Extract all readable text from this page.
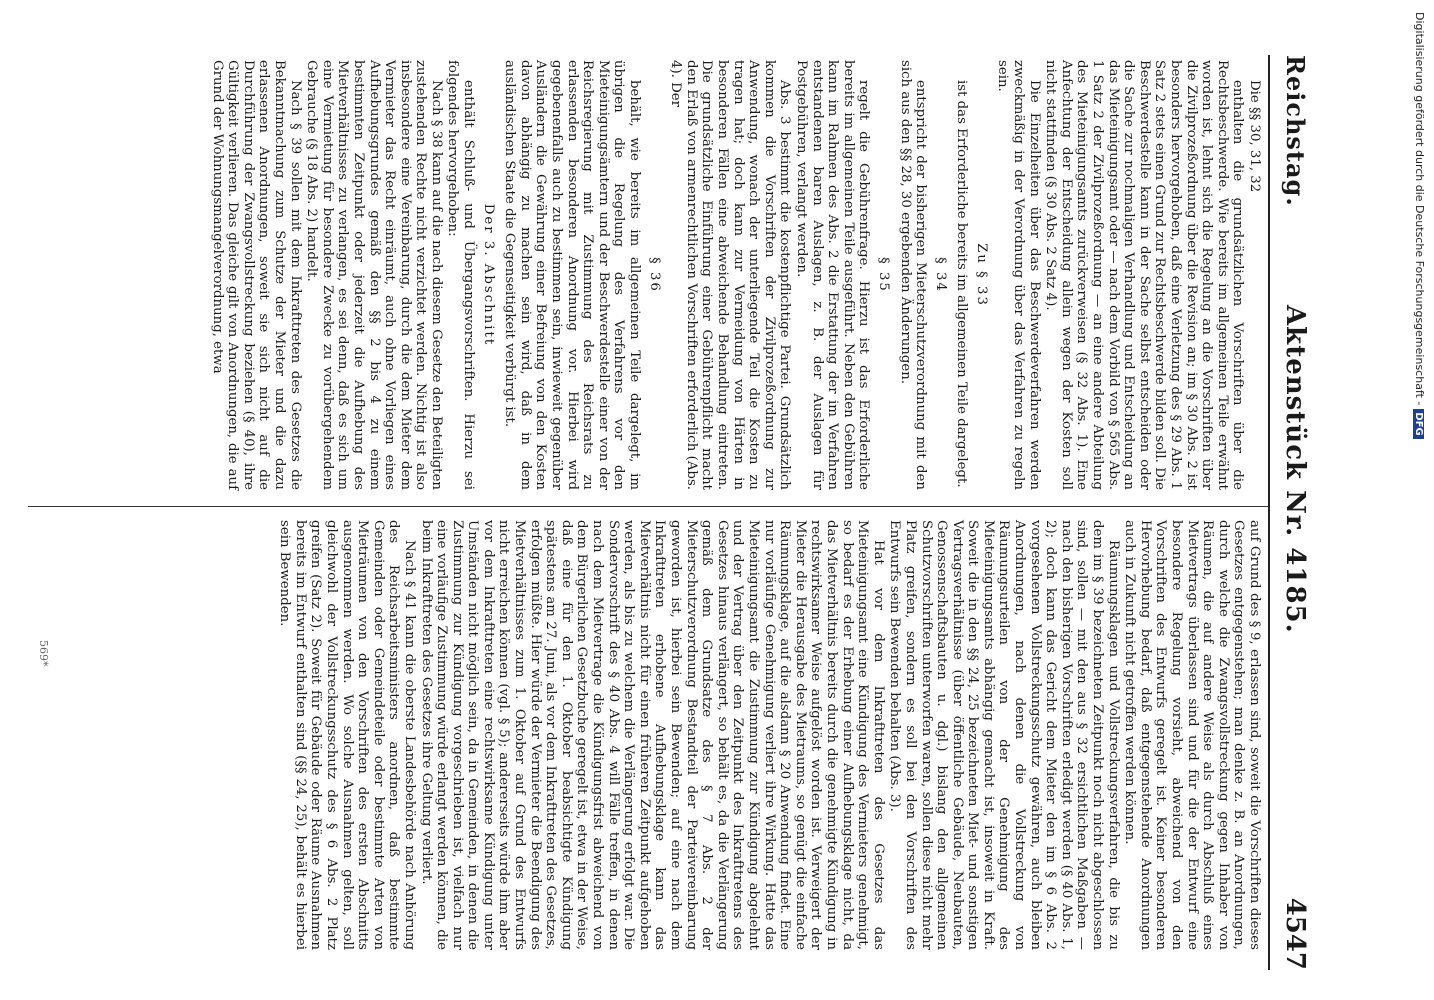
Reichstag.
Aktenstück Nr. 4185.
4547

Die §§ 30, 31, 32

enthalten die grundsätzlichen Vorschriften über die Rechtsbeschwerde. Wie bereits im allgemeinen Teile erwähnt worden ist, lehnt sich die Regelung an die Vorschriften über die Zivilprozeßordnung über die Revision an; im § 30 Abs. 2 ist besonders hervorgehoben, daß eine Verletzung des § 29 Abs. 1 Satz 2 stets einen Grund zur Rechtsbeschwerde bilden soll. Die Beschwerdestelle kann in der Sache selbst entscheiden oder die Sache zur nochmaligen Verhandlung und Entscheidung an das Mieteinigungsamt oder — nach dem Vorbild von § 565 Abs. 1 Satz 2 der Zivilprozeßordnung — an eine andere Abteilung des Mieteinigungsamts zurückverweisen (§ 32 Abs. 1). Eine Anfechtung der Entscheidung allein wegen der Kosten soll nicht stattfinden (§ 30 Abs. 2 Satz 4).

Die Einzelheiten über das Beschwerdeverfahren werden zweckmäßig in der Verordnung über das Verfahren zu regeln sein.

Zu § 33

ist das Erforderliche bereits im allgemeinen Teile dargelegt.

§ 34

entspricht der bisherigen Mieterschutzverordnung mit den sich aus den §§ 28, 30 ergebenden Änderungen.

§ 35

regelt die Gebührenfrage. Hierzu ist das Erforderliche bereits im allgemeinen Teile ausgeführt. Neben den Gebühren kann im Rahmen des Abs. 2 die Erstattung der im Verfahren entstandenen baren Auslagen, z. B. der Auslagen für Postgebühren, verlangt werden.

Abs. 3 bestimmt die kostenpflichtige Partei. Grundsätzlich kommen die Vorschriften der Zivilprozeßordnung zur Anwendung, wonach der unterliegende Teil die Kosten zu tragen hat; doch kann zur Vermeidung von Härten in besonderen Fällen eine abweichende Behandlung eintreten. Die grundsätzliche Einführung einer Gebührenpflicht macht den Erlaß von armenrechtlichen Vorschriften erforderlich (Abs. 4). Der

§ 36

behält, wie bereits im allgemeinen Teile dargelegt, im übrigen die Regelung des Verfahrens vor den Mieteinigungsämtern und der Beschwerdestelle einer von der Reichsregierung mit Zustimmung des Reichsrats zu erlassenden besonderen Anordnung vor. Hierbei wird gegebenenfalls auch zu bestimmen sein, inwieweit gegenüber Ausländern die Gewährung einer Befreiung von den Kosten davon abhängig zu machen sein wird, daß in dem ausländischen Staate die Gegenseitigkeit verbürgt ist.

Der 3. Abschnitt

enthält Schluß- und Übergangsvorschriften. Hierzu sei folgendes hervorgehoben:

Nach § 38 kann auf die nach diesem Gesetze den Beteiligten zustehenden Rechte nicht verzichtet werden. Nichtig ist also insbesondere eine Vereinbarung, durch die dem Mieter dem Vermieter das Recht einräumt, auch ohne Vorliegen eines Aufhebungsgrundes gemäß den §§ 2 bis 4 zu einem bestimmten Zeitpunkt oder jederzeit die Aufhebung des Mietverhältnisses zu verlangen, es sei denn, daß es sich um eine Vermietung für besondere Zwecke zu vorübergehendem Gebrauche (§ 18 Abs. 2) handelt.

Nach § 39 sollen mit dem Inkrafttreten des Gesetzes die Bekanntmachung zum Schutze der Mieter und die dazu erlassenen Anordnungen, soweit sie sich nicht auf die Durchführung der Zwangsvollstreckung beziehen (§ 40), ihre Gültigkeit verlieren. Das gleiche gilt von Anordnungen, die auf Grund der Wohnungsmangelverordnung, etwa

auf Grund des § 9, erlassen sind, soweit die Vorschriften dieses Gesetzes entgegenstehen; man denke z. B. an Anordnungen, durch welche die Zwangsvollstreckung gegen Inhaber von Räumen, die auf andere Weise als durch Abschluß eines Mietvertrags überlassen sind und für die der Entwurf eine besondere Regelung vorsieht, abweichend von den Vorschriften des Entwurfs geregelt ist. Keiner besonderen Hervorhebung bedarf, daß entgegenstehende Anordnungen auch in Zukunft nicht getroffen werden können.

Räumungsklagen und Vollstreckungsverfahren, die bis zu dem im § 39 bezeichneten Zeitpunkt noch nicht abgeschlossen sind, sollen — mit den aus § 32 ersichtlichen Maßgaben — nach den bisherigen Vorschriften erledigt werden (§ 40 Abs. 1, 2); doch kann das Gericht dem Mieter den im § 6 Abs. 2 vorgesehenen Vollstreckungsschutz gewähren, auch bleiben Anordnungen, nach denen die Vollstreckung von Räumungsurteilen von der Genehmigung des Mieteinigungsamts abhängig gemacht ist, insoweit in Kraft. Soweit die in den §§ 24, 25 bezeichneten Miet- und sonstigen Vertragsverhältnisse (über öffentliche Gebäude, Neubauten, Genossenschaftsbauten u. dgl.) bislang den allgemeinen Schutzvorschriften unterworfen waren, sollen diese nicht mehr Platz greifen, sondern es soll bei den Vorschriften des Entwurfs sein Bewenden behalten (Abs. 3).

Hat vor dem Inkrafttreten des Gesetzes das Mieteinigungsamt eine Kündigung des Vermieters genehmigt, so bedarf es der Erhebung einer Aufhebungsklage nicht, da das Mietverhältnis bereits durch die genehmigte Kündigung in rechtswirksamer Weise aufgelöst worden ist. Verweigert der Mieter die Herausgabe des Mietraums, so genügt die einfache Räumungsklage, auf die alsdann § 20 Anwendung findet. Eine nur vorläufige Genehmigung verliert ihre Wirkung. Hatte das Mieteinigungsamt die Zustimmung zur Kündigung abgelehnt und der Vertrag über den Zeitpunkt des Inkrafttretens des Gesetzes hinaus verlängert, so behält es, da die Verlängerung gemäß dem Grundsatze des § 7 Abs. 2 der Mieterschutzverordnung Bestandteil der Parteivereinbarung geworden ist, hierbei sein Bewenden; auf eine nach dem Inkrafttreten erhobene Aufhebungsklage kann das Mietverhältnis nicht für einen früheren Zeitpunkt aufgehoben werden, als bis zu welchem die Verlängerung erfolgt war. Die Sondervorschrift des § 40 Abs. 4 will Fälle treffen, in denen nach dem Mietvertrage die Kündigungsfrist abweichend von dem Bürgerlichen Gesetzbuche geregelt ist, etwa in der Weise, daß eine für den 1. Oktober beabsichtigte Kündigung spätestens am 27. Juni, als vor dem Inkrafttreten des Gesetzes, erfolgen müßte. Hier würde der Vermieter die Beendigung des Mietverhältnisses zum 1. Oktober auf Grund des Entwurfs nicht erreichen können (vgl. § 5); andererseits würde ihm aber vor dem Inkrafttreten eine rechtswirksame Kündigung unter Umständen nicht möglich sein, da in Gemeinden, in denen die Zustimmung zur Kündigung vorgeschrieben ist, vielfach nur eine vorläufige Zustimmung würde erlangt werden können, die beim Inkrafttreten des Gesetzes ihre Geltung verliert.

Nach § 41 kann die oberste Landesbehörde nach Anhörung des Reichsarbeitsministers anordnen, daß bestimmte Gemeinden oder Gemeindeteile oder bestimmte Arten von Mieträumen von den Vorschriften des ersten Abschnitts ausgenommen werden. Wo solche Ausnahmen gelten, soll gleichwohl der Vollstreckungsschutz des § 6 Abs. 2 Platz greifen (Satz 2). Soweit für Gebäude oder Räume Ausnahmen bereits im Entwurf enthalten sind (§§ 24, 25), behält es hierbei sein Bewenden.

569*
Digitalisierung gefördert durch die Deutsche Forschungsgemeinschaft -DFG
